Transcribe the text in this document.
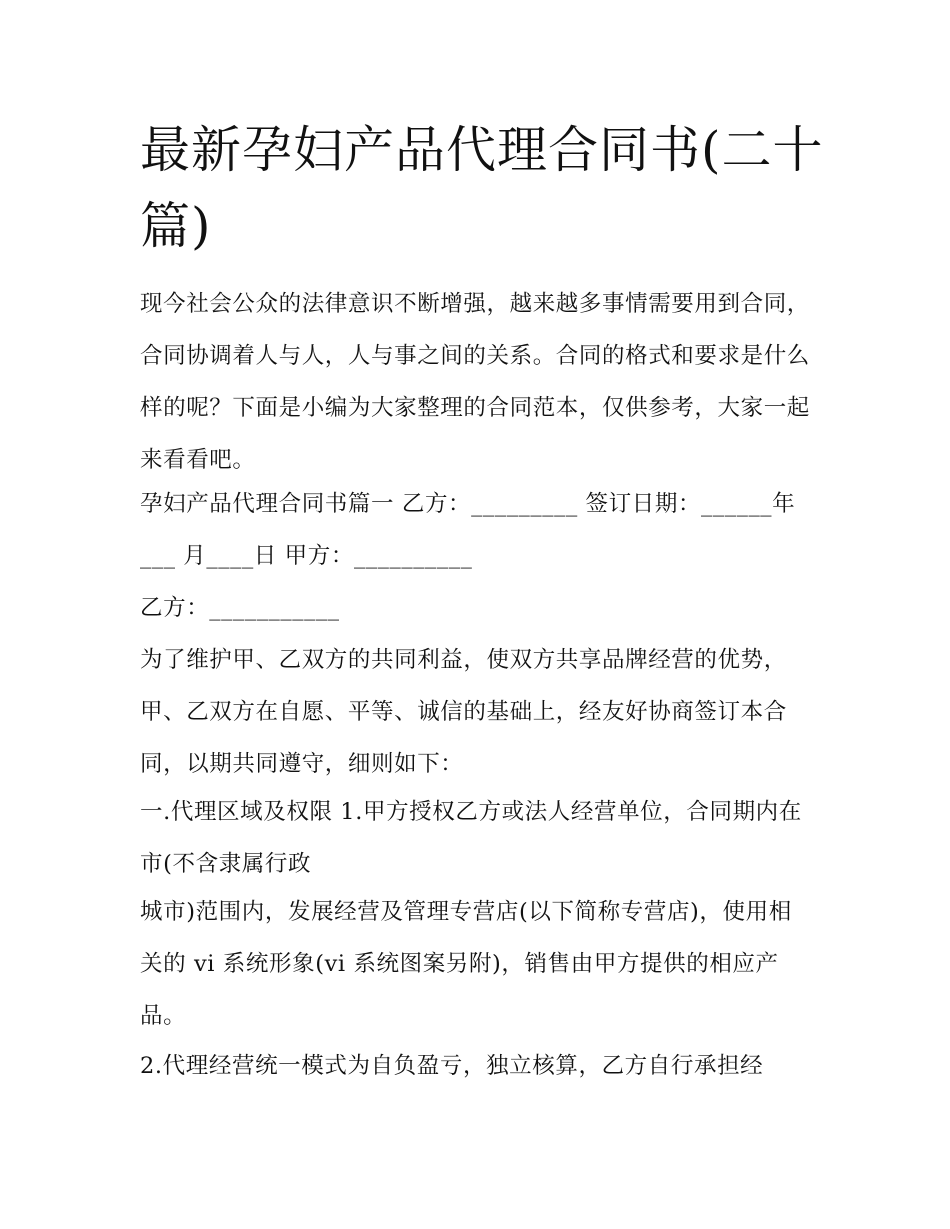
最新孕妇产品代理合同书(二十篇)

现今社会公众的法律意识不断增强，越来越多事情需要用到合同，合同协调着人与人，人与事之间的关系。合同的格式和要求是什么样的呢？下面是小编为大家整理的合同范本，仅供参考，大家一起来看看吧。

孕妇产品代理合同书篇一 乙方：_________ 签订日期：______年___ 月____日 甲方：__________

乙方：___________

为了维护甲、乙双方的共同利益，使双方共享品牌经营的优势，甲、乙双方在自愿、平等、诚信的基础上，经友好协商签订本合同，以期共同遵守，细则如下：

一.代理区域及权限 1.甲方授权乙方或法人经营单位，合同期内在市(不含隶属行政

城市)范围内，发展经营及管理专营店(以下简称专营店)，使用相关的 vi 系统形象(vi 系统图案另附)，销售由甲方提供的相应产品。

2.代理经营统一模式为自负盈亏，独立核算，乙方自行承担经
